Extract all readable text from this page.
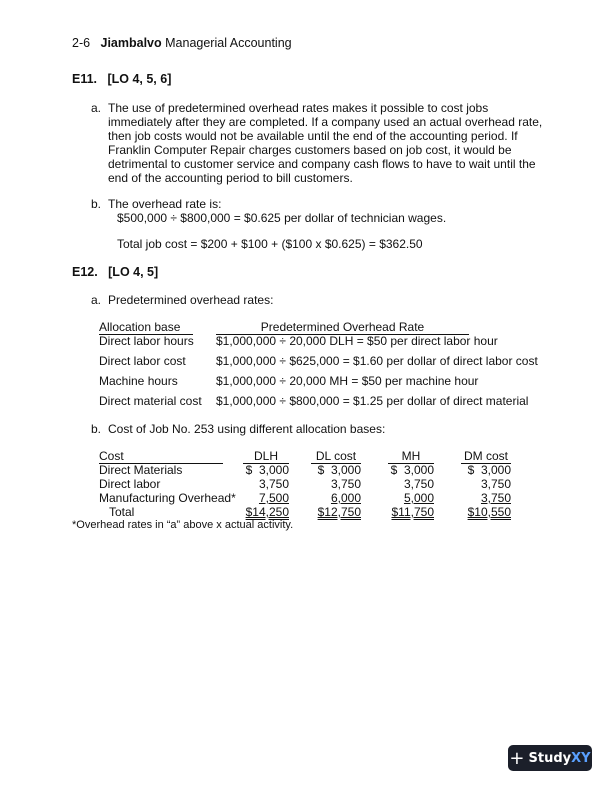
2-6 Jiambalvo Managerial Accounting
E11. [LO 4, 5, 6]
a. The use of predetermined overhead rates makes it possible to cost jobs immediately after they are completed. If a company used an actual overhead rate, then job costs would not be available until the end of the accounting period. If Franklin Computer Repair charges customers based on job cost, it would be detrimental to customer service and company cash flows to have to wait until the end of the accounting period to bill customers.
b. The overhead rate is:
$500,000 ÷ $800,000 = $0.625 per dollar of technician wages.
Total job cost = $200 + $100 + ($100 x $0.625) = $362.50
E12. [LO 4, 5]
a. Predetermined overhead rates:
Allocation base	Predetermined Overhead Rate
Direct labor hours $1,000,000 ÷ 20,000 DLH = $50 per direct labor hour
Direct labor cost	$1,000,000 ÷ $625,000 = $1.60 per dollar of direct labor cost
Machine hours	$1,000,000 ÷ 20,000 MH = $50 per machine hour
Direct material cost $1,000,000 ÷ $800,000 = $1.25 per dollar of direct material
b. Cost of Job No. 253 using different allocation bases:
Cost	DLH	DL cost	MH	DM cost
Direct Materials	$  3,000	$  3,000 $  3,000	$  3,000
Direct labor	3,750	3,750	3,750	3,750
Manufacturing Overhead*	7,500	6,000	5,000	3,750
Total	$14,250	$12,750	$11,750	$10,550
*Overhead rates in “a” above x actual activity.
+ Study XY
